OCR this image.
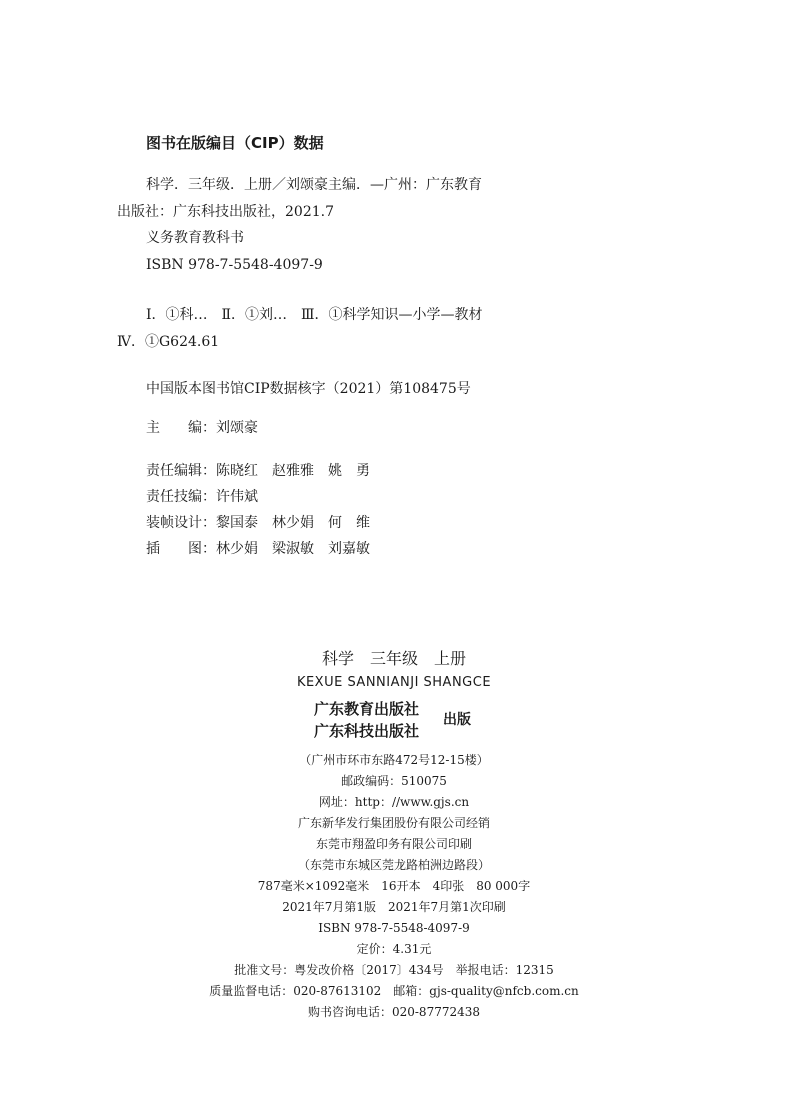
图书在版编目（CIP）数据
科学．三年级．上册／刘颂豪主编．—广州：广东教育
出版社：广东科技出版社，2021.7
义务教育教科书
ISBN 978-7-5548-4097-9
Ⅰ．①科…　Ⅱ．①刘…　Ⅲ．①科学知识—小学—教材
Ⅳ．①G624.61
中国版本图书馆CIP数据核字（2021）第108475号
主　　编：刘颂豪
责任编辑：陈晓红　赵雅雅　姚　勇
责任技编：许伟斌
装帧设计：黎国泰　林少娟　何　维
插　　图：林少娟　梁淑敏　刘嘉敏
科学　三年级　上册
KEXUE SANNIANJI SHANGCE
广东教育出版社
广东科技出版社
出版
（广州市环市东路472号12-15楼）
邮政编码：510075
网址：http：//www.gjs.cn
广东新华发行集团股份有限公司经销
东莞市翔盈印务有限公司印刷
（东莞市东城区莞龙路柏洲边路段）
787毫米×1092毫米　16开本　4印张　80 000字
2021年7月第1版　2021年7月第1次印刷
ISBN 978-7-5548-4097-9
定价：4.31元
批准文号：粤发改价格〔2017〕434号　举报电话：12315
质量监督电话：020-87613102　邮箱：gjs-quality@nfcb.com.cn
购书咨询电话：020-87772438
